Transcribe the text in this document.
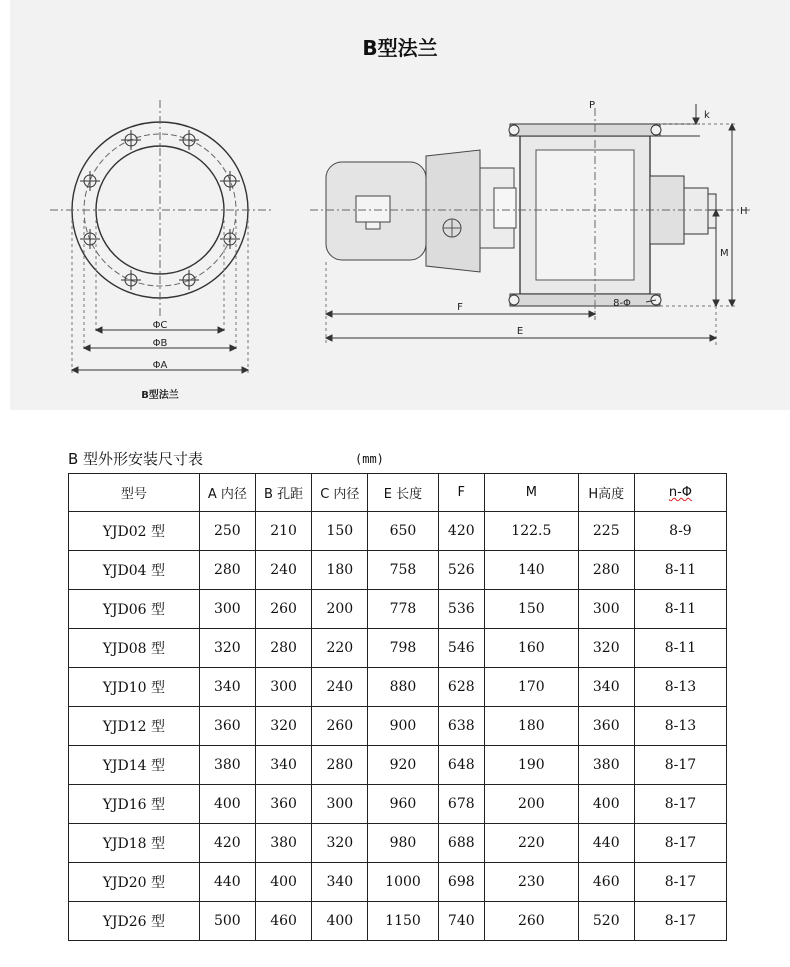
ΦC
ΦB
ΦA
B型法兰
P
k
H
M
F
E
8-Φ
B型法兰
B 型外形安装尺寸表	(mm)
型号	A 内径	B 孔距	C 内径	E 长度	F	M	H高度	n-Φ
YJD02 型	250	210	150	650	420	122.5	225	8-9
YJD04 型	280	240	180	758	526	140	280	8-11
YJD06 型	300	260	200	778	536	150	300	8-11
YJD08 型	320	280	220	798	546	160	320	8-11
YJD10 型	340	300	240	880	628	170	340	8-13
YJD12 型	360	320	260	900	638	180	360	8-13
YJD14 型	380	340	280	920	648	190	380	8-17
YJD16 型	400	360	300	960	678	200	400	8-17
YJD18 型	420	380	320	980	688	220	440	8-17
YJD20 型	440	400	340	1000	698	230	460	8-17
YJD26 型	500	460	400	1150	740	260	520	8-17
